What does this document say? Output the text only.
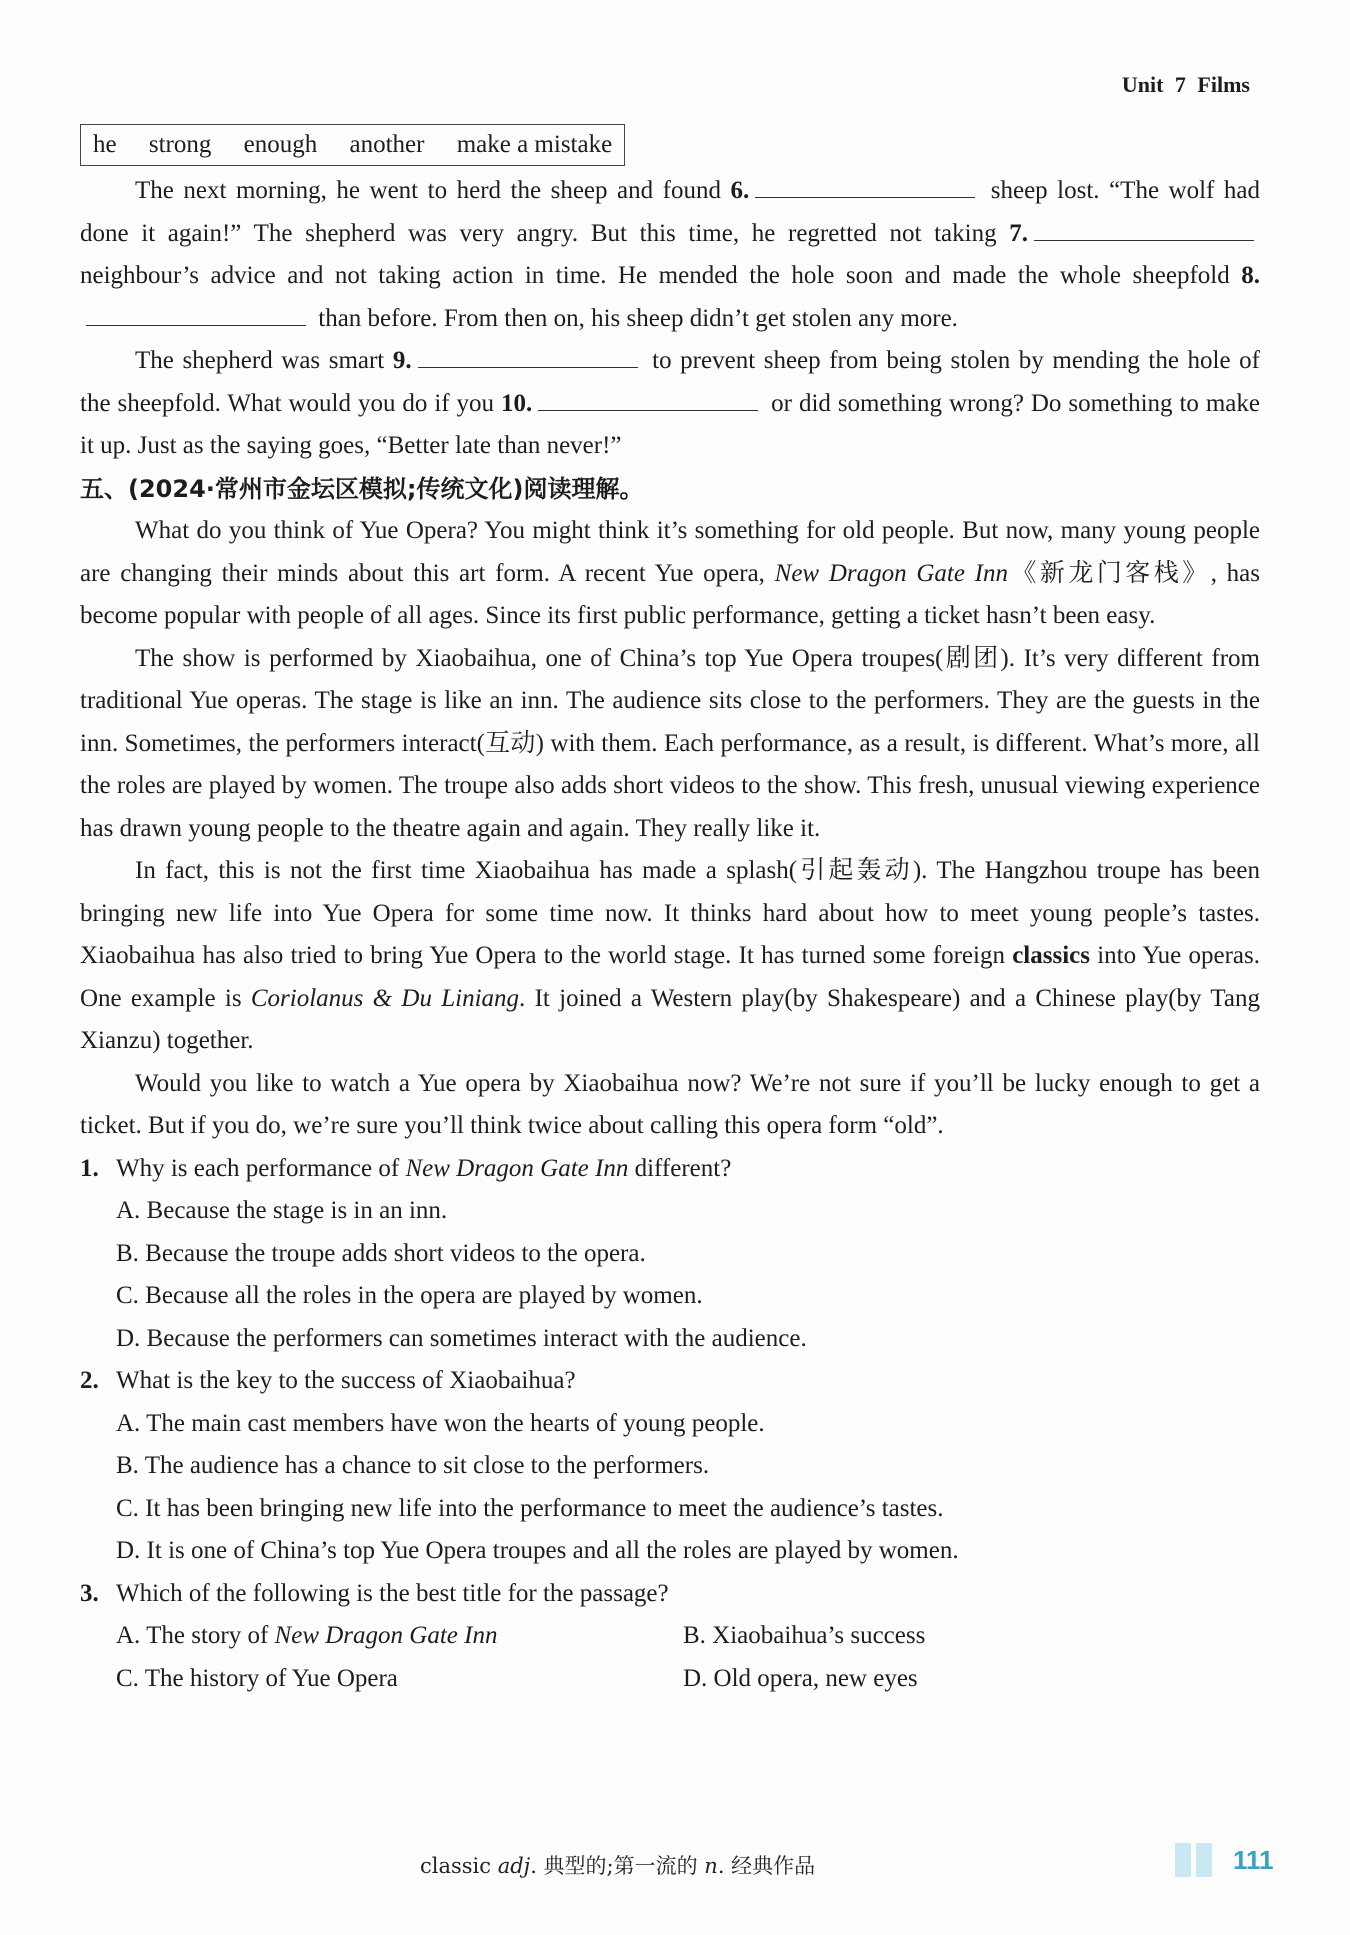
Unit 7 Films
he strong enough another make a mistake

The next morning, he went to herd the sheep and found 6.	sheep lost. “The wolf had done it again!” The shepherd was very angry. But this time, he regretted not taking 7. neighbour’s advice and not taking action in time. He mended the hole soon and made the whole sheepfold 8. than before. From then on, his sheep didn’t get stolen any more.

The shepherd was smart 9.	to prevent sheep from being stolen by mending the hole of the sheepfold. What would you do if you 10.	or did something wrong? Do something to make it up. Just as the saying goes, “Better late than never!”

五、(2024·常州市金坛区模拟;传统文化)阅读理解。

What do you think of Yue Opera? You might think it’s something for old people. But now, many young people are changing their minds about this art form. A recent Yue opera, New Dragon Gate Inn《新龙门客栈》, has become popular with people of all ages. Since its first public performance, getting a ticket hasn’t been easy.

The show is performed by Xiaobaihua, one of China’s top Yue Opera troupes(剧团). It’s very different from traditional Yue operas. The stage is like an inn. The audience sits close to the performers. They are the guests in the inn. Sometimes, the performers interact(互动) with them. Each performance, as a result, is different. What’s more, all the roles are played by women. The troupe also adds short videos to the show. This fresh, unusual viewing experience has drawn young people to the theatre again and again. They really like it.

In fact, this is not the first time Xiaobaihua has made a splash(引起轰动). The Hangzhou troupe has been bringing new life into Yue Opera for some time now. It thinks hard about how to meet young people’s tastes. Xiaobaihua has also tried to bring Yue Opera to the world stage. It has turned some foreign classics into Yue operas. One example is Coriolanus & Du Liniang. It joined a Western play(by Shakespeare) and a Chinese play(by Tang Xianzu) together.

Would you like to watch a Yue opera by Xiaobaihua now? We’re not sure if you’ll be lucky enough to get a ticket. But if you do, we’re sure you’ll think twice about calling this opera form “old”.

1. Why is each performance of New Dragon Gate Inn different?

A. Because the stage is in an inn.

B. Because the troupe adds short videos to the opera.

C. Because all the roles in the opera are played by women.

D. Because the performers can sometimes interact with the audience.

2. What is the key to the success of Xiaobaihua?

A. The main cast members have won the hearts of young people.

B. The audience has a chance to sit close to the performers.

C. It has been bringing new life into the performance to meet the audience’s tastes.

D. It is one of China’s top Yue Opera troupes and all the roles are played by women.

3. Which of the following is the best title for the passage?

A. The story of New Dragon Gate Inn	B. Xiaobaihua’s success

C. The history of Yue Opera	D. Old opera, new eyes

classic adj. 典型的;第一流的 n. 经典作品	111
